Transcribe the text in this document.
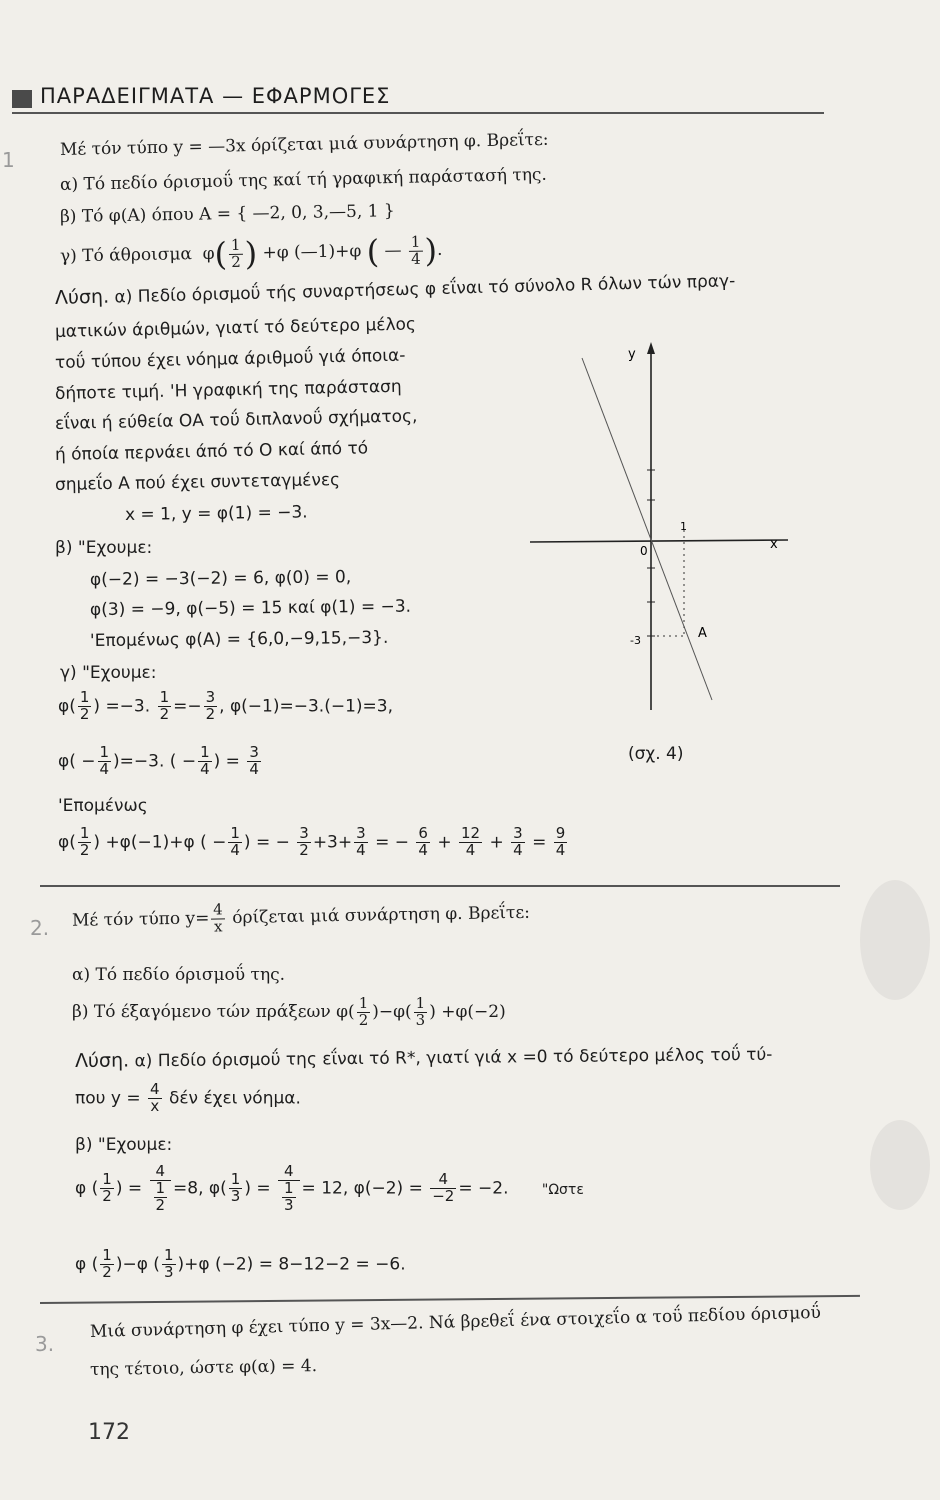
ΠΑΡΑΔΕΙΓΜΑΤΑ — ΕΦΑΡΜΟΓΕΣ
1
Μέ τόν τύπο y = —3x όρίζεται μιά συνάρτηση φ. Βρεΐτε:
α) Τό πεδίο όρισμοΰ της καί τή γραφική παράστασή της.
β) Τό φ(Α) όπου Α = { —2, 0, 3,—5, 1 }
γ) Τό άθροισμα  $\varphi( \frac{1}{2}$ ) +φ (—1)+φ ( — $\frac{1}{4}$ ).
Λύση. α) Πεδίο όρισμοΰ τής συναρτήσεως φ εΐναι τό σύνολο R όλων τών πραγ-
ματικών άριθμών, γιατί τό δεύτερο μέλος
τοΰ τύπου έχει νόημα άριθμοΰ γιά όποια-
δήποτε τιμή. 'Η γραφική της παράσταση
εΐναι ή εύθεία ΟΑ τοΰ διπλανοΰ σχήματος,
ή όποία περνάει άπό τό Ο καί άπό τό
σημεΐο Α πού έχει συντεταγμένες
x = 1, y = φ(1) = −3.
β) "Εχουμε:
φ(−2) = −3(−2) = 6, φ(0) = 0,
φ(3) = −9, φ(−5) = 15 καί φ(1) = −3.
'Επομένως φ(Α) = {6,0,−9,15,−3}.
γ) "Εχουμε:
$\varphi( \frac{1}{2}$ ) =−3. $\frac{1}{2} =- \frac{3}{2}$ , φ(−1)=−3.(−1)=3,
$\varphi( - \frac{1}{4} )=-3$. ( − $\frac{1}{4}$ ) = $\frac{3}{4}$
'Επομένως
$\varphi( \frac{1}{2}$ ) +φ(−1)+φ ( − $\frac{1}{4}$ ) = − $\frac{3}{2} +3+ \frac{3}{4}$ = − $\frac{6}{4} + \frac{12}{4} + \frac{3}{4} = \frac{9}{4}$
y
x
0
1
-3	A
(σχ. 4)
2. Μέ τόν τύπο $y= \frac{4}{x}$ όρίζεται μιά συνάρτηση φ. Βρεΐτε:
α) Τό πεδίο όρισμοΰ της.
β) Τό έξαγόμενο τών πράξεων $\varphi( \frac{1}{2} )-\varphi( \frac{1}{3}$ ) +φ(−2)
Λύση. α) Πεδίο όρισμοΰ της εΐναι τό R*, γιατί γιά x =0 τό δεύτερο μέλος τοΰ τύ-
που $y = \frac{4}{x}$ δέν έχει νόημα.
β) "Εχουμε:
φ ( $\frac{1}{2}$ ) = $\frac{4}{\frac{1}{2}} =8$, $\varphi( \frac{1}{3}$ ) = $\frac{4}{\frac{1}{3}} = 12$, $\varphi(-2) = \frac{4}{-2} = -2$. "Ωστε
φ ( $\frac{1}{2} )-\varphi$ ( $\frac{1}{3} )+\varphi$ (−2) = 8−12−2 = −6.
3.
Μιά συνάρτηση φ έχει τύπο y = 3x—2. Νά βρεθεΐ ένα στοιχεΐο α τοΰ πεδίου όρισμοΰ
της τέτοιο, ώστε φ(α) = 4.
172
